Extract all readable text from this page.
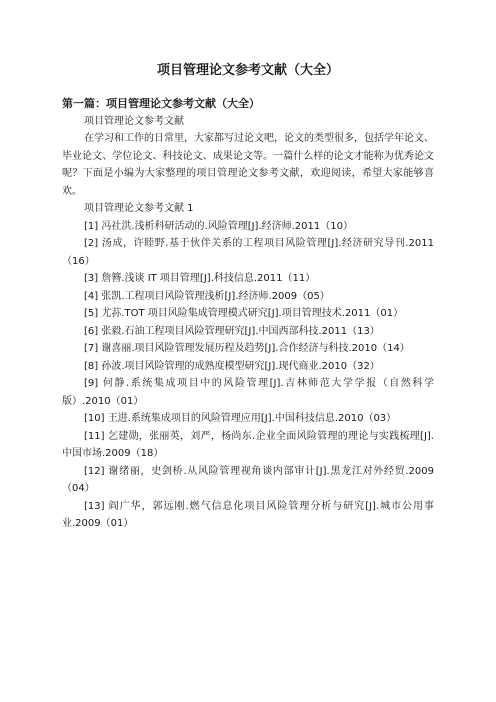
项目管理论文参考文献（大全）
第一篇：项目管理论文参考文献（大全）
项目管理论文参考文献
在学习和工作的日常里，大家都写过论文吧，论文的类型很多，包括学年论文、毕业论文、学位论文、科技论文、成果论文等。一篇什么样的论文才能称为优秀论文呢？下面是小编为大家整理的项目管理论文参考文献，欢迎阅读，希望大家能够喜欢。
项目管理论文参考文献 1
[1] 冯社洪.浅析科研活动的.风险管理[J].经济师.2011（10）
[2] 汤成，许睦野.基于伙伴关系的工程项目风险管理[J].经济研究导刊.2011（16）
[3] 詹簪.浅谈 IT 项目管理[J].科技信息.2011（11）
[4] 张凯.工程项目风险管理浅析[J].经济师.2009（05）
[5] 尤荪.TOT 项目风险集成管理模式研究[J].项目管理技术.2011（01）
[6] 张毅.石油工程项目风险管理研究[J].中国西部科技.2011（13）
[7] 谢喜丽.项目风险管理发展历程及趋势[J].合作经济与科技.2010（14）
[8] 孙波.项目风险管理的成熟度模型研究[J].现代商业.2010（32）
[9] 何静.系统集成项目中的风险管理[J].吉林师范大学学报（自然科学版）.2010（01）
[10] 王进.系统集成项目的风险管理应用[J].中国科技信息.2010（03）
[11] 乞建勋，张丽英，刘严，杨尚东.企业全面风险管理的理论与实践梳理[J].中国市场.2009（18）
[12] 谢绪丽，史剑桥.从风险管理视角谈内部审计[J].黑龙江对外经贸.2009（04）
[13] 阎广华，郭远刚.燃气信息化项目风险管理分析与研究[J].城市公用事业.2009（01）
